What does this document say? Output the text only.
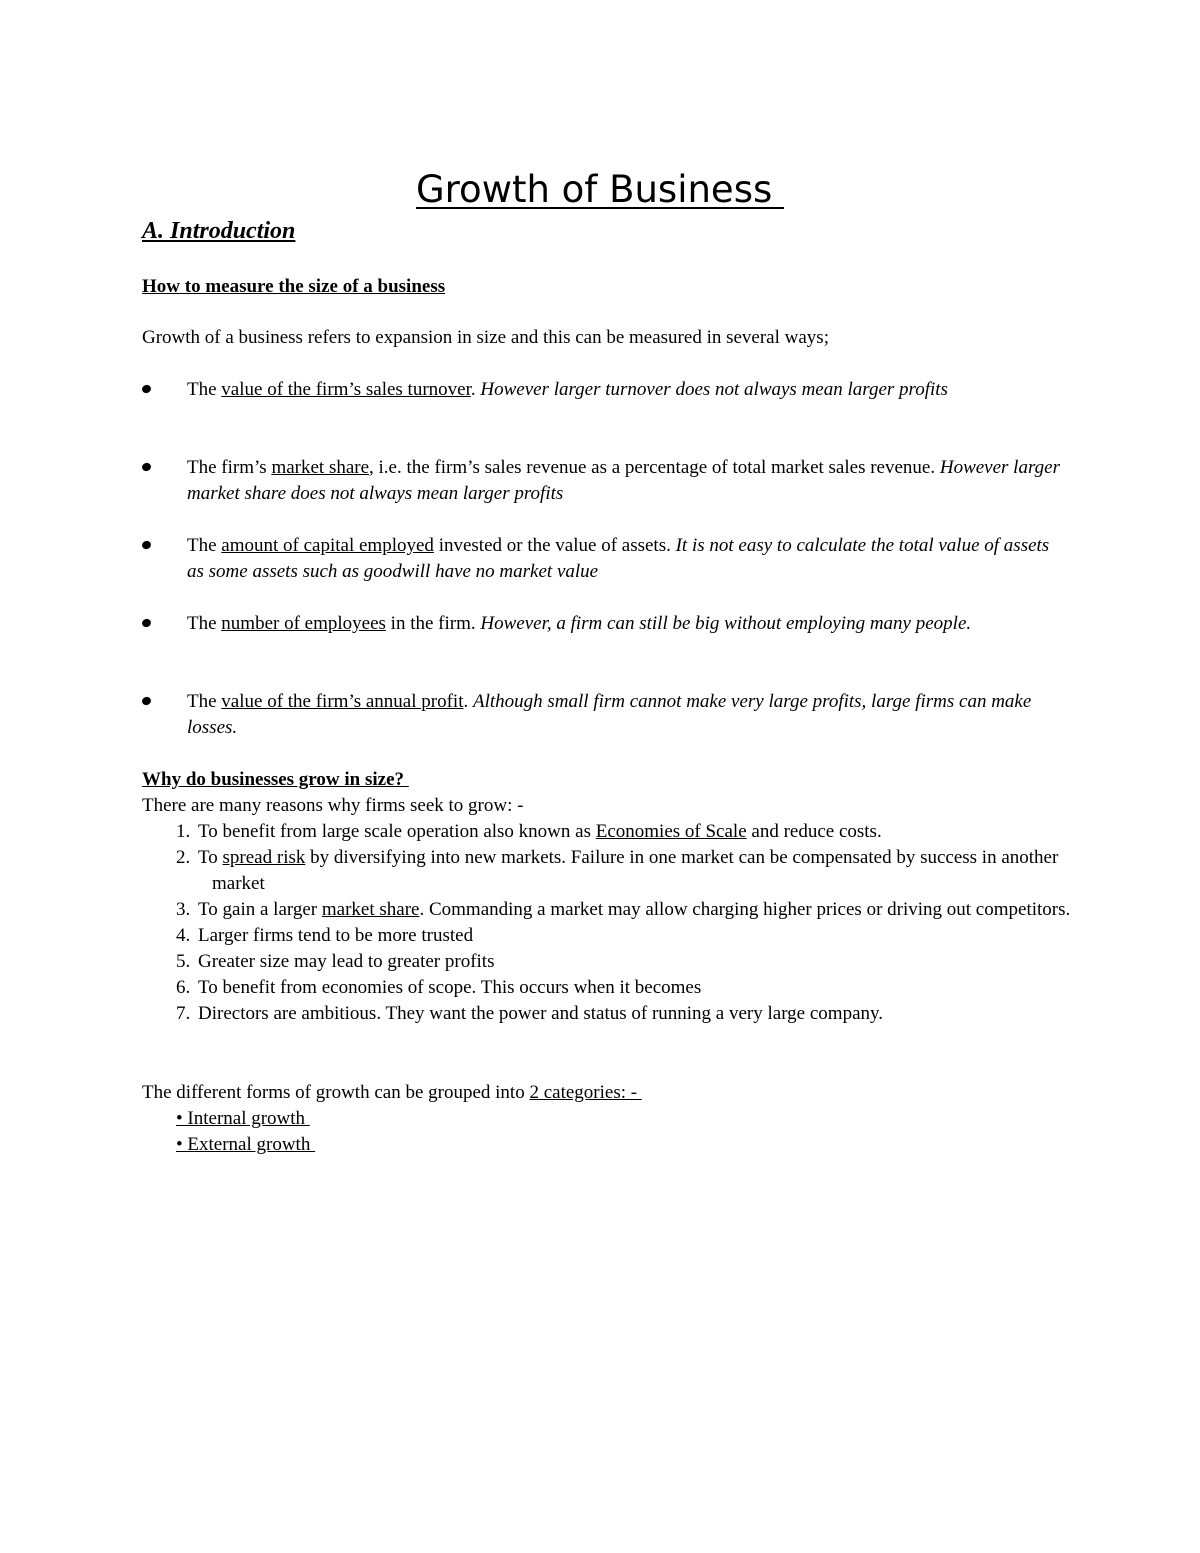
Growth of Business
A. Introduction
How to measure the size of a business
Growth of a business refers to expansion in size and this can be measured in several ways;
The value of the firm’s sales turnover. However larger turnover does not always mean larger profits
The firm’s market share, i.e. the firm’s sales revenue as a percentage of total market sales revenue. However larger market share does not always mean larger profits
The amount of capital employed invested or the value of assets. It is not easy to calculate the total value of assets as some assets such as goodwill have no market value
The number of employees in the firm. However, a firm can still be big without employing many people.
The value of the firm’s annual profit. Although small firm cannot make very large profits, large firms can make losses.
Why do businesses grow in size?
There are many reasons why firms seek to grow: -
1. To benefit from large scale operation also known as Economies of Scale and reduce costs.
2. To spread risk by diversifying into new markets. Failure in one market can be compensated by success in another market
3. To gain a larger market share. Commanding a market may allow charging higher prices or driving out competitors.
4. Larger firms tend to be more trusted
5. Greater size may lead to greater profits
6. To benefit from economies of scope. This occurs when it becomes
7. Directors are ambitious. They want the power and status of running a very large company.
The different forms of growth can be grouped into 2 categories: -
• Internal growth
• External growth
